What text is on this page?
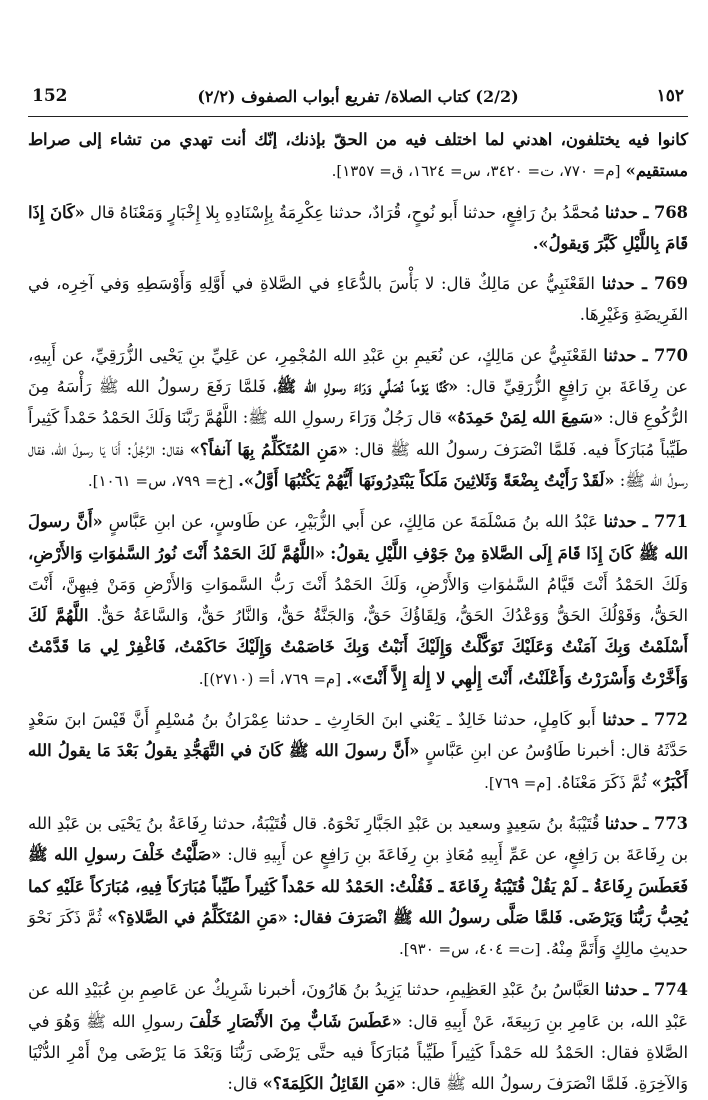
152	(2/2) كتاب الصلاة/ تفريع أبواب الصفوف (٢/٢)	١٥٢

كانوا فيه يختلفون، اهدني لما اختلف فيه من الحقّ بإذنك، إنّك أنت تهدي من تشاء إلى صراط مستقيم» [م= ٧٧٠، ت= ٣٤٢٠، س= ١٦٢٤، ق= ١٣٥٧].

768 ـ حدثنا مُحمَّدُ بنُ رَافِعٍ، حدثنا أَبو نُوحٍ، قُرَادٌ، حدثنا عِكْرِمَةُ بِإِسْنَادِهِ بِلا إِخْبَارٍ وَمَعْنَاهُ قال «كَانَ إِذَا قَامَ بِاللَّيْلِ كَبَّرَ وَيقولُ».

769 ـ حدثنا القَعْنَبِيُّ عن مَالِكٌ قال: لا بَأْسَ بالدُّعَاءِ في الصَّلاةِ في أَوَّلِهِ وَأَوْسَطِهِ وَفي آخِرِه، في الفَرِيضَةِ وَغَيْرِهَا.

770 ـ حدثنا القَعْنَبِيُّ عن مَالِكٍ، عن نُعَيمِ بنِ عَبْدِ الله المُجْمِرِ، عن عَلِيِّ بنِ يَحْيى الزُّرَقِيِّ، عن أَبِيهِ، عن رِفَاعَةَ بنِ رَافِعٍ الزُّرَقِيِّ قال: «كُنَّا يَوْماً نُصَلِّي وَرَاءَ رسولِ الله ﷺ، فَلمَّا رَفَعَ رسولُ الله ﷺ رَأْسَهُ مِنَ الرُّكُوعِ قال: «سَمِعَ الله لِمَنْ حَمِدَهُ» قال رَجُلٌ وَرَاءَ رسولِ الله ﷺ: اللَّهُمَّ رَبَّنَا وَلَكَ الحَمْدُ حَمْداً كَثِيراً طَيِّباً مُبَارَكاً فيه. فَلمَّا انْصَرَفَ رسولُ الله ﷺ قال: «مَنِ المُتَكَلِّمُ بِهَا آنفاً؟» فقال: الرَّجُلُ: أَنَا يَا رسولَ الله، فقال رسولُ الله ﷺ: «لَقَدْ رَأَيْتُ بِضْعَةً وَثَلاثِينَ مَلَكاً يَبْتَدِرُونَهَا أَيُّهُمْ يَكْتُبُهَا أَوَّلُ». [خ= ٧٩٩، س= ١٠٦١].

771 ـ حدثنا عَبْدُ الله بنُ مَسْلَمَةَ عن مَالِكٍ، عن أَبي الزُّبَيْرِ، عن طَاوسٍ، عن ابنِ عَبَّاسٍ «أَنَّ رسولَ الله ﷺ كَانَ إِذَا قَامَ إِلَى الصَّلاةِ مِنْ جَوْفِ اللَّيْلِ يقولُ: «اللَّهُمَّ لَكَ الحَمْدُ أَنْتَ نُورُ السَّمٰوَاتِ وَالأَرْضِ، وَلَكَ الحَمْدُ أَنْتَ قَيَّامُ السَّمٰوَاتِ وَالأَرْضِ، وَلَكَ الحَمْدُ أَنْتَ رَبُّ السَّموَاتِ وَالأَرْضِ وَمَنْ فِيهِنَّ، أَنْتَ الحَقُّ، وَقَوْلُكَ الحَقُّ وَوَعْدُكَ الحَقُّ، وَلِقَاؤُكَ حَقٌّ، وَالجَنَّةُ حَقٌّ، وَالنَّارُ حَقٌّ، وَالسَّاعَةُ حَقٌّ. اللَّهُمَّ لَكَ أَسْلَمْتُ وَبِكَ آمَنْتُ وَعَلَيْكَ تَوَكَّلْتُ وَإِلَيْكَ أَنَبْتُ وَبِكَ خَاصَمْتُ وَإِلَيْكَ حَاكَمْتُ، فَاغْفِرْ لِي مَا قَدَّمْتُ وَأَخَّرْتُ وَأَسْرَرْتُ وَأَعْلَنْتُ، أَنْتَ إِلٰهِي لا إِلٰهَ إِلاَّ أَنْتَ». [م= ٧٦٩، أ= (٢٧١٠)].

772 ـ حدثنا أَبو كَامِلٍ، حدثنا خَالِدٌ ـ يَعْني ابنَ الحَارِثِ ـ حدثنا عِمْرَانُ بنُ مُسْلِمٍ أَنَّ قَيْسَ ابنَ سَعْدٍ حَدَّثَهُ قال: أخبرنا طَاوُسُ عن ابنِ عَبَّاسٍ «أَنَّ رسولَ الله ﷺ كَانَ في التَّهَجُّدِ يقولُ بَعْدَ مَا يقولُ الله أَكْبَرُ» ثُمَّ ذَكَرَ مَعْنَاهُ. [م= ٧٦٩].

773 ـ حدثنا قُتَيْبَةُ بنُ سَعِيدٍ وسعيد بن عَبْدِ الجَبَّارِ نَحْوَهُ. قال قُتَيْبَةُ، حدثنا رِفَاعَةُ بنُ يَحْيَى بن عَبْدِ الله بن رِفَاعَةَ بن رَافِعٍ، عن عَمِّ أَبِيهِ مُعَاذِ بنِ رِفَاعَةَ بنِ رَافِعٍ عن أَبِيهِ قال: «صَلَّيْتُ خَلْفَ رسولِ الله ﷺ فَعَطَسَ رِفَاعَةُ ـ لَمْ يَقُلْ قُتَيْبَةُ رِفَاعَةَ ـ فَقُلْتُ: الحَمْدُ لله حَمْداً كَثِيراً طَيِّباً مُبَارَكاً فِيهِ، مُبَارَكاً عَلَيْهِ كما يُحِبُّ رَبُّنَا وَيَرْضَى. فَلمَّا صَلَّى رسولُ الله ﷺ انْصَرَفَ فقال: «مَنِ المُتَكَلِّمُ في الصَّلاةِ؟» ثُمَّ ذَكَرَ نَحْوَ حديثِ مالِكٍ وَأَتَمَّ مِنْهُ. [ت= ٤٠٤، س= ٩٣٠].

774 ـ حدثنا العَبَّاسُ بنُ عَبْدِ العَظِيمِ، حدثنا يَزِيدُ بنُ هَارُونَ، أخبرنا شَرِيكٌ عن عَاصِمِ بنِ عُبَيْدِ الله عن عَبْدِ الله، بن عَامِرِ بنِ رَبِيعَةَ، عَنْ أَبِيهِ قال: «عَطَسَ شَابٌّ مِنَ الأَنْصَارِ خَلْفَ رسولِ الله ﷺ وَهُوَ في الصَّلاةِ فقال: الحَمْدُ لله حَمْداً كَثِيراً طَيِّباً مُبَارَكاً فيه حتَّى يَرْضَى رَبُّنَا وَبَعْدَ مَا يَرْضَى مِنْ أَمْرِ الدُّنْيَا وَالآخِرَةِ. فَلمَّا انْصَرَفَ رسولُ الله ﷺ قال: «مَنِ القَائِلُ الكَلِمَةَ؟» قال:
